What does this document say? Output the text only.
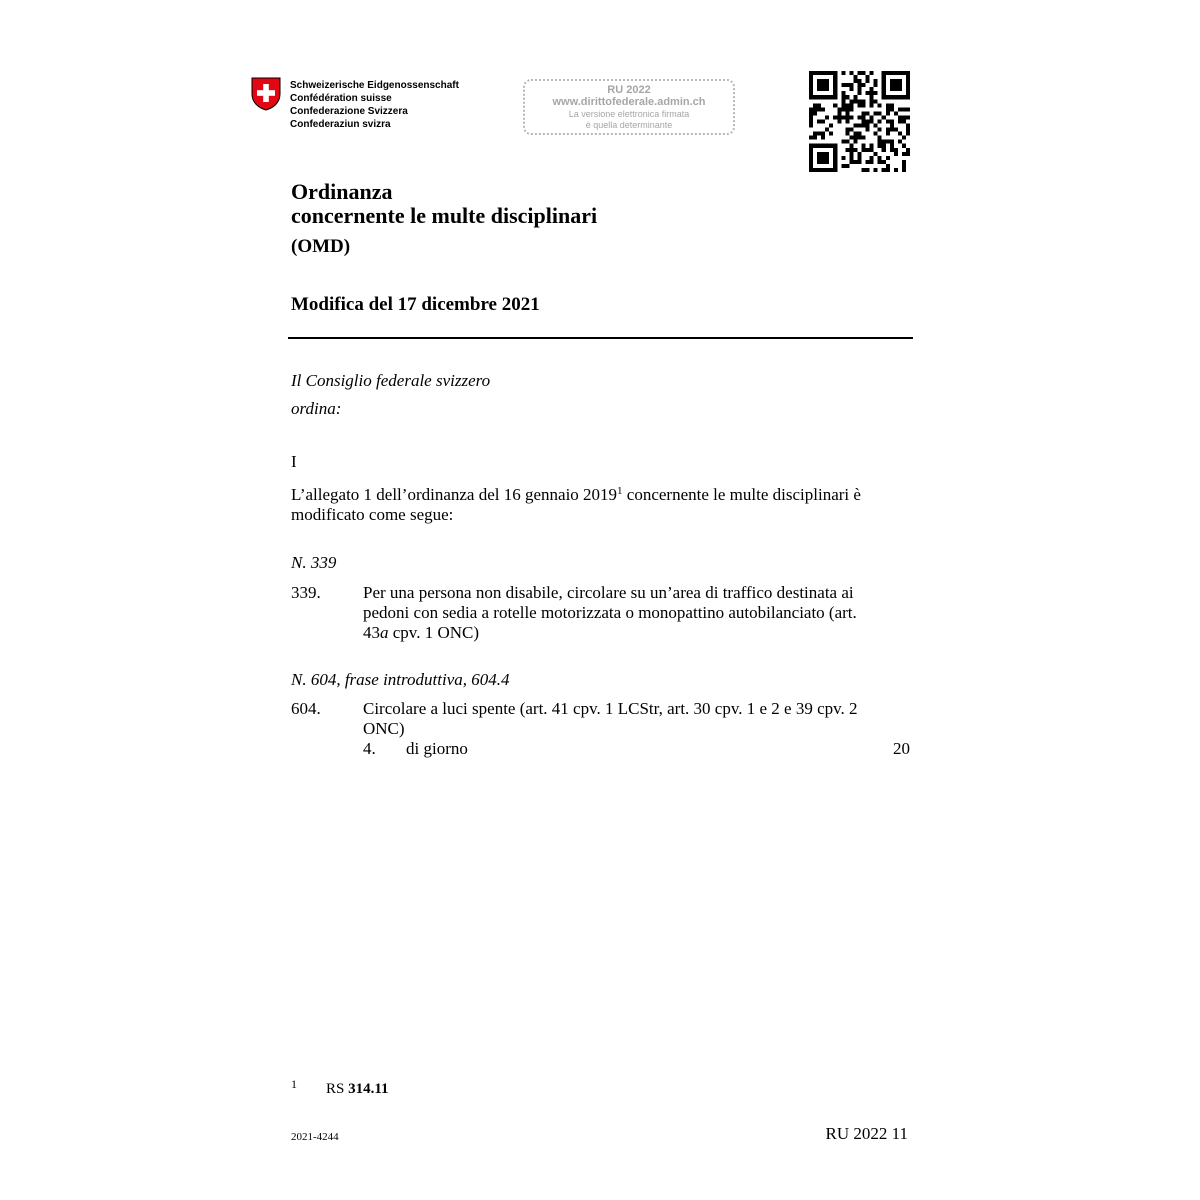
Schweizerische Eidgenossenschaft
Confédération suisse
Confederazione Svizzera
Confederaziun svizra
RU 2022
www.dirittofederale.admin.ch
La versione elettronica firmata
è quella determinante
Ordinanza
concernente le multe disciplinari
(OMD)
Modifica del 17 dicembre 2021
Il Consiglio federale svizzero
ordina:
I
L’allegato 1 dell’ordinanza del 16 gennaio 2019$^1$ concernente le multe disciplinari è modificato come segue:
N. 339
339. Per una persona non disabile, circolare su un’area di traffico destinata ai pedoni con sedia a rotelle motorizzata o monopattino autobilanciato (art. 43a cpv. 1 ONC)
N. 604, frase introduttiva, 604.4
604. Circolare a luci spente (art. 41 cpv. 1 LCStr, art. 30 cpv. 1 e 2 e 39 cpv. 2 ONC)
4. di giorno	20
1 RS 314.11
2021-4244	RU 2022 11
